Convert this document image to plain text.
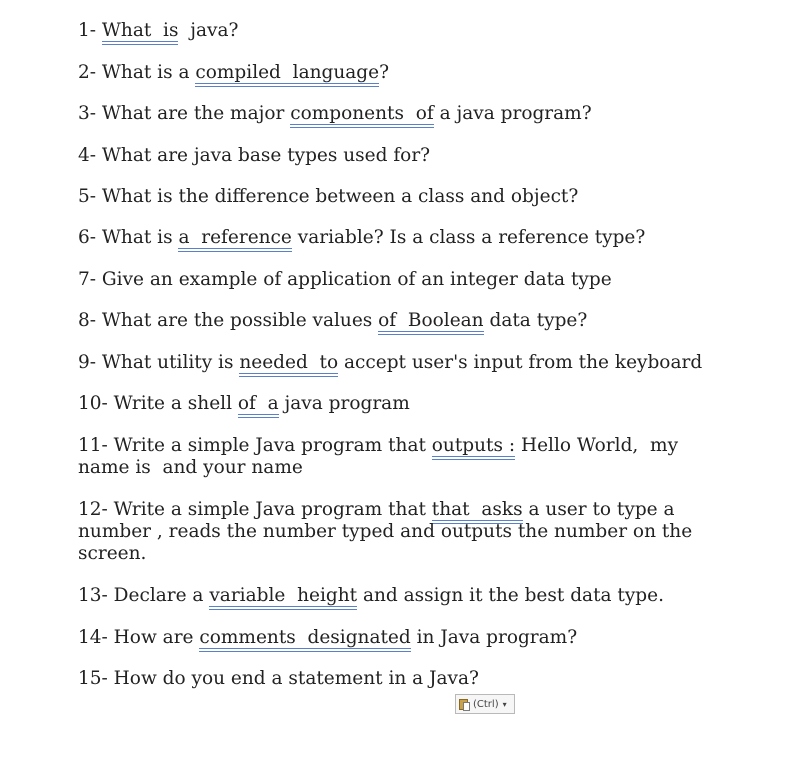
1- What  is  java?
2- What is a compiled  language?
3- What are the major components  of a java program?
4- What are java base types used for?
5- What is the difference between a class and object?
6- What is a  reference variable? Is a class a reference type?
7- Give an example of application of an integer data type
8- What are the possible values of  Boolean data type?
9- What utility is needed  to accept user's input from the keyboard
10- Write a shell of  a java program
11- Write a simple Java program that outputs : Hello World,  my name is  and your name
12- Write a simple Java program that that  asks a user to type a number , reads the number typed and outputs the number on the screen.
13- Declare a variable  height and assign it the best data type.
14- How are comments  designated in Java program?
15- How do you end a statement in a Java?
(Ctrl) ▾
